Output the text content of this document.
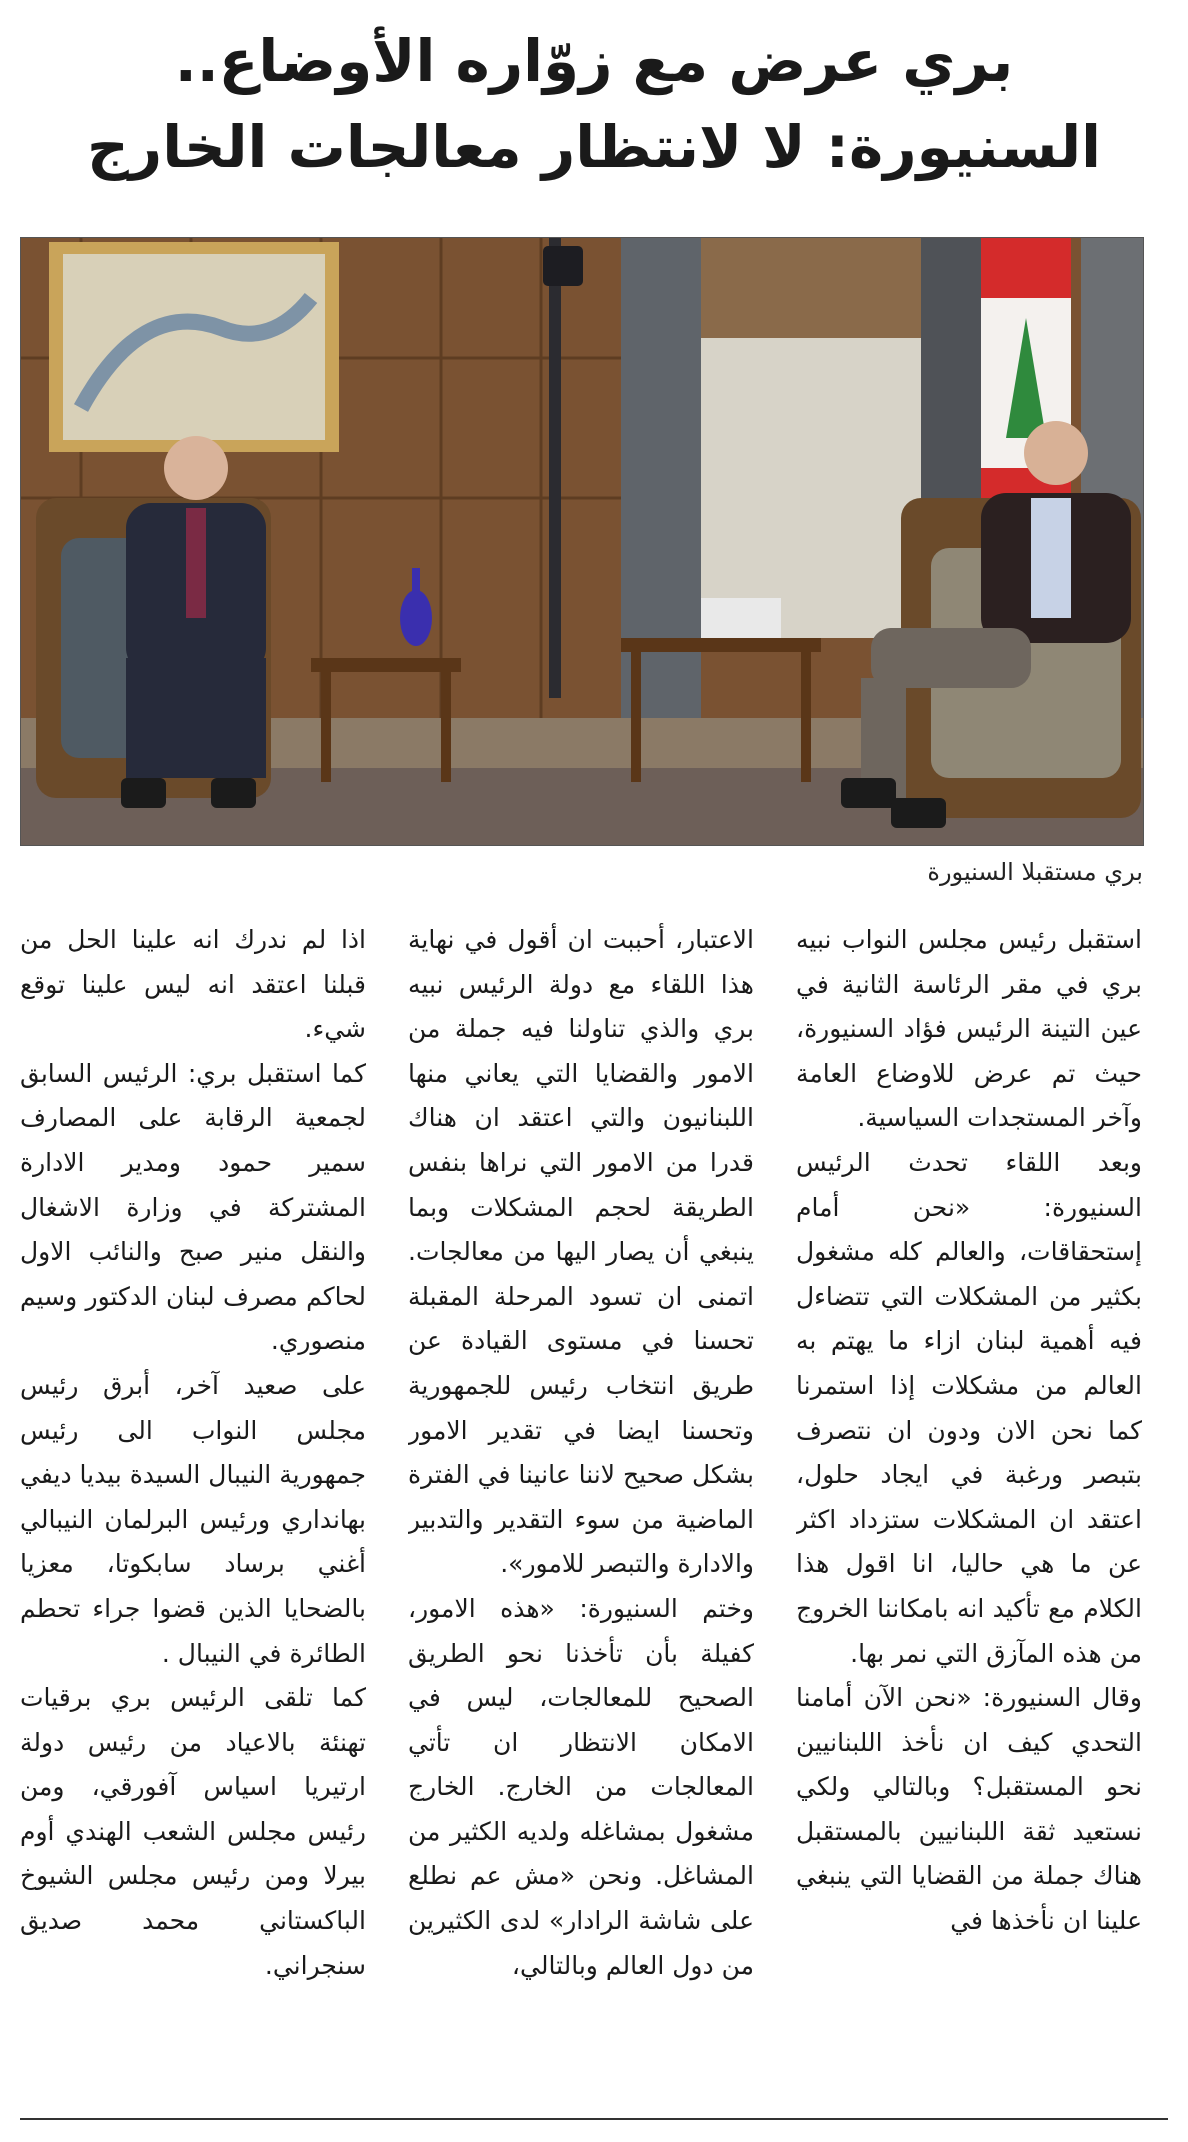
بري عرض مع زوّاره الأوضاع..
السنيورة: لا لانتظار معالجات الخارج
بري مستقبلا السنيورة

استقبل رئيس مجلس النواب نبيه بري في مقر الرئاسة الثانية في عين التينة الرئيس فؤاد السنيورة، حيث تم عرض للاوضاع العامة وآخر المستجدات السياسية.

وبعد اللقاء تحدث الرئيس السنيورة: «نحن أمام إستحقاقات، والعالم كله مشغول بكثير من المشكلات التي تتضاءل فيه أهمية لبنان ازاء ما يهتم به العالم من مشكلات إذا استمرنا كما نحن الان ودون ان نتصرف بتبصر ورغبة في ايجاد حلول، اعتقد ان المشكلات ستزداد اكثر عن ما هي حاليا، انا اقول هذا الكلام مع تأكيد انه بامكاننا الخروج من هذه المآزق التي نمر بها.

وقال السنيورة: «نحن الآن أمامنا التحدي كيف ان نأخذ اللبنانيين نحو المستقبل؟ وبالتالي ولكي نستعيد ثقة اللبنانيين بالمستقبل هناك جملة من القضايا التي ينبغي علينا ان نأخذها في

الاعتبار، أحببت ان أقول في نهاية هذا اللقاء مع دولة الرئيس نبيه بري والذي تناولنا فيه جملة من الامور والقضايا التي يعاني منها اللبنانيون والتي اعتقد ان هناك قدرا من الامور التي نراها بنفس الطريقة لحجم المشكلات وبما ينبغي أن يصار اليها من معالجات. اتمنى ان تسود المرحلة المقبلة تحسنا في مستوى القيادة عن طريق انتخاب رئيس للجمهورية وتحسنا ايضا في تقدير الامور بشكل صحيح لاننا عانينا في الفترة الماضية من سوء التقدير والتدبير والادارة والتبصر للامور».

وختم السنيورة: «هذه الامور، كفيلة بأن تأخذنا نحو الطريق الصحيح للمعالجات، ليس في الامكان الانتظار ان تأتي المعالجات من الخارج. الخارج مشغول بمشاغله ولديه الكثير من المشاغل. ونحن «مش عم نطلع على شاشة الرادار» لدى الكثيرين من دول العالم وبالتالي،

اذا لم ندرك انه علينا الحل من قبلنا اعتقد انه ليس علينا توقع شيء.

كما استقبل بري: الرئيس السابق لجمعية الرقابة على المصارف سمير حمود ومدير الادارة المشتركة في وزارة الاشغال والنقل منير صبح والنائب الاول لحاكم مصرف لبنان الدكتور وسيم منصوري.

على صعيد آخر، أبرق رئيس مجلس النواب الى رئيس جمهورية النيبال السيدة بيديا ديفي بهانداري ورئيس البرلمان النيبالي أغني برساد سابكوتا، معزيا بالضحايا الذين قضوا جراء تحطم الطائرة في النيبال .

كما تلقى الرئيس بري برقيات تهنئة بالاعياد من رئيس دولة ارتيريا اسياس آفورقي، ومن رئيس مجلس الشعب الهندي أوم بيرلا ومن رئيس مجلس الشيوخ الباكستاني محمد صديق سنجراني.
